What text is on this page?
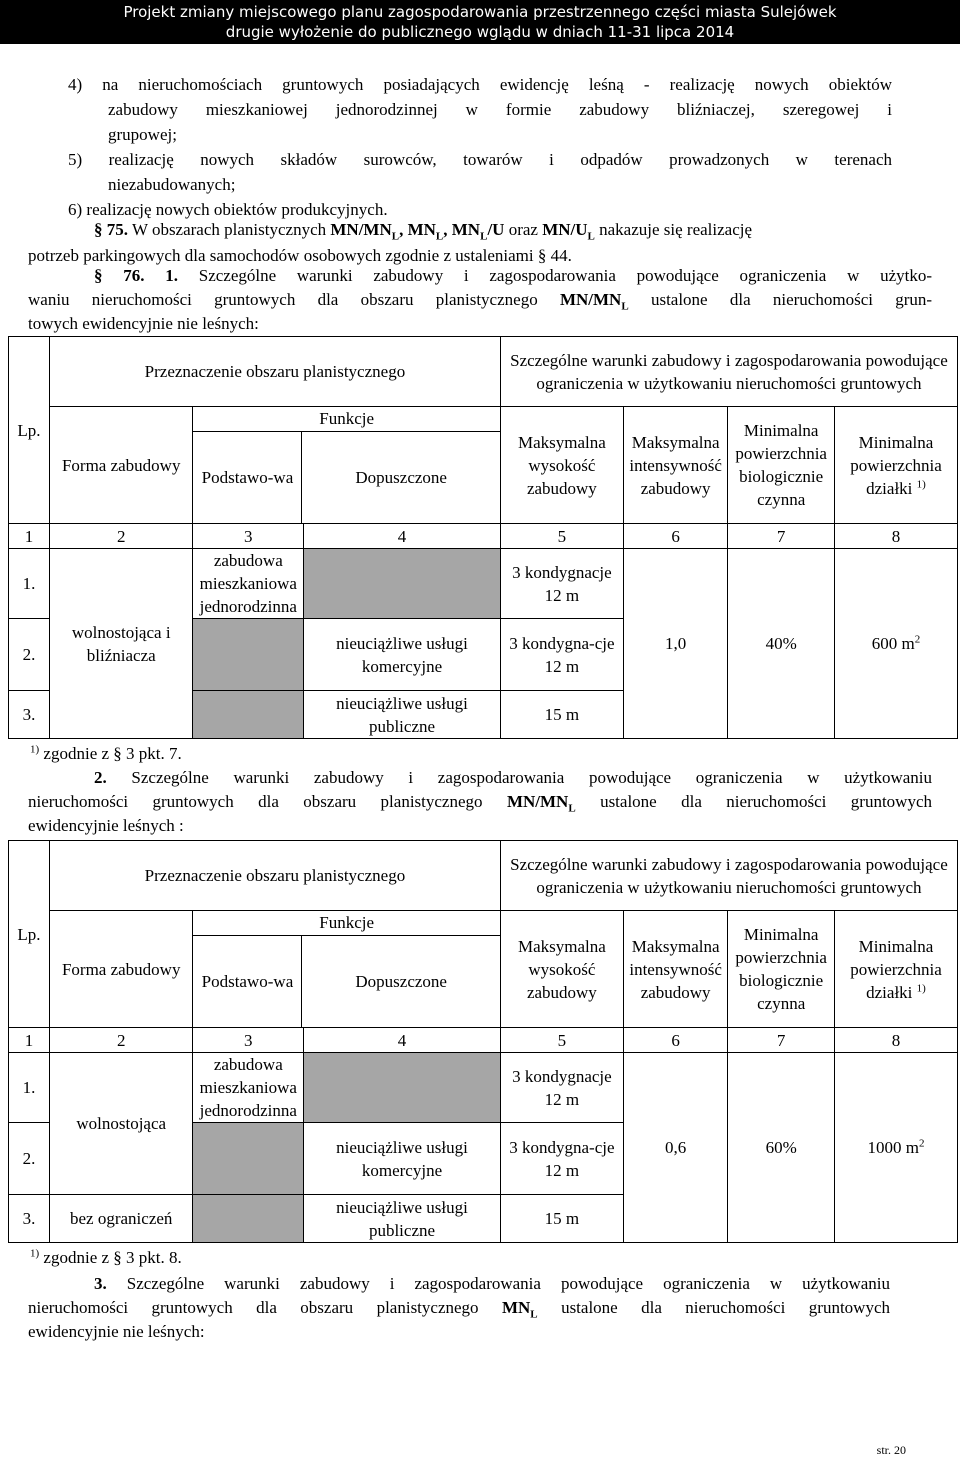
Projekt zmiany miejscowego planu zagospodarowania przestrzennego części miasta Sulejówek
drugie wyłożenie do publicznego wglądu w dniach 11-31 lipca 2014
4) na nieruchomościach gruntowych posiadających ewidencję leśną - realizację nowych obiektów
zabudowy mieszkaniowej jednorodzinnej w formie zabudowy bliźniaczej, szeregowej i
grupowej;
5) realizację nowych składów surowców, towarów i odpadów prowadzonych w terenach
niezabudowanych;
6) realizację nowych obiektów produkcyjnych.
§ 75. W obszarach planistycznych $MN/MN_L$, $MN_L$, $MN_L/U$ oraz $MN/U_L$ nakazuje się realizację
potrzeb parkingowych dla samochodów osobowych zgodnie z ustaleniami § 44.
§ 76. 1. Szczególne warunki zabudowy i zagospodarowania powodujące ograniczenia w użytko-
waniu nieruchomości gruntowych dla obszaru planistycznego $MN/MN_L$ ustalone dla nieruchomości grun-
towych ewidencyjnie nie leśnych:
Lp.	Przeznaczenie obszaru planistycznego			Szczególne warunki zabudowy i zagospodarowania powodujące ograniczenia w użytkowaniu nieruchomości gruntowych			
	Forma zabudowy	Funkcje
Podstawo-wa Dopuszczone		Maksymalna wysokość zabudowy	Maksymalna intensywność zabudowy	Minimalna powierzchnia biologicznie czynna	Minimalna powierzchnia działki $^{1)}$
1	2	3	4	5	6	7	8
1.	wolnostojąca i bliźniacza	zabudowa mieszkaniowa jednorodzinna		3 kondygnacje 12 m	1,0	40%	600 $m^2$
2.			nieuciążliwe usługi komercyjne	3 kondygna-cje 12 m			
3.			nieuciążliwe usługi publiczne	15 m			
$^{1)}$ zgodnie z § 3 pkt. 7.
2. Szczególne warunki zabudowy i zagospodarowania powodujące ograniczenia w użytkowaniu
nieruchomości gruntowych dla obszaru planistycznego $MN/MN_L$ ustalone dla nieruchomości gruntowych
ewidencyjnie leśnych :
Lp.	Przeznaczenie obszaru planistycznego			Szczególne warunki zabudowy i zagospodarowania powodujące ograniczenia w użytkowaniu nieruchomości gruntowych			
	Forma zabudowy	Funkcje
Podstawo-wa Dopuszczone		Maksymalna wysokość zabudowy	Maksymalna intensywność zabudowy	Minimalna powierzchnia biologicznie czynna	Minimalna powierzchnia działki $^{1)}$
1	2	3	4	5	6	7	8
1.	wolnostojąca	zabudowa mieszkaniowa jednorodzinna		3 kondygnacje 12 m	0,6	60%	1000 $m^2$
2.			nieuciążliwe usługi komercyjne	3 kondygna-cje 12 m			
3.	bez ograniczeń		nieuciążliwe usługi publiczne	15 m			
$^{1)}$ zgodnie z § 3 pkt. 8.
3. Szczególne warunki zabudowy i zagospodarowania powodujące ograniczenia w użytkowaniu
nieruchomości gruntowych dla obszaru planistycznego $MN_L$ ustalone dla nieruchomości gruntowych
ewidencyjnie nie leśnych:
str. 20
